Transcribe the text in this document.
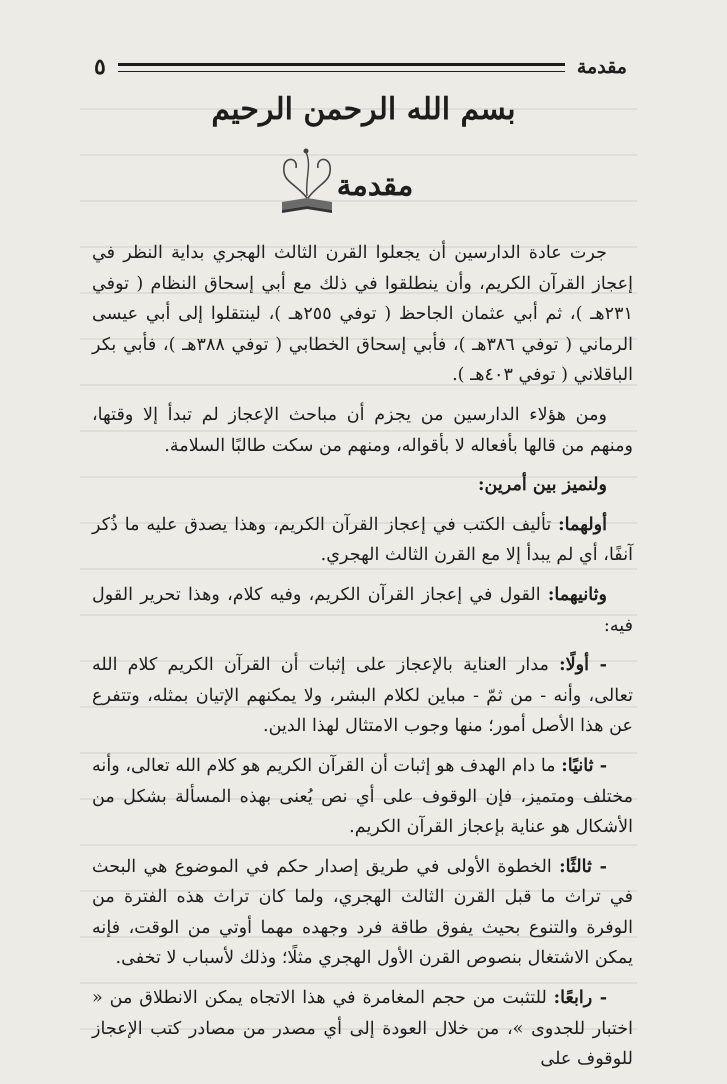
مقدمة
٥
بسم الله الرحمن الرحيم
مقدمة

جرت عادة الدارسين أن يجعلوا القرن الثالث الهجري بداية النظر في إعجاز القرآن الكريم، وأن ينطلقوا في ذلك مع أبي إسحاق النظام ( توفي ٢٣١هـ )، ثم أبي عثمان الجاحظ ( توفي ٢٥٥هـ )، لينتقلوا إلى أبي عيسى الرماني ( توفي ٣٨٦هـ )، فأبي إسحاق الخطابي ( توفي ٣٨٨هـ )، فأبي بكر الباقلاني ( توفي ٤٠٣هـ ).

ومن هؤلاء الدارسين من يجزم أن مباحث الإعجاز لم تبدأ إلا وقتها، ومنهم من قالها بأفعاله لا بأقواله، ومنهم من سكت طالبًا السلامة.

ولنميز بين أمرين:

أولهما: تأليف الكتب في إعجاز القرآن الكريم، وهذا يصدق عليه ما ذُكر آنفًا، أي لم يبدأ إلا مع القرن الثالث الهجري.

وثانيهما: القول في إعجاز القرآن الكريم، وفيه كلام، وهذا تحرير القول فيه:

- أولًا: مدار العناية بالإعجاز على إثبات أن القرآن الكريم كلام الله تعالى، وأنه - من ثمّ - مباين لكلام البشر، ولا يمكنهم الإتيان بمثله، وتتفرع عن هذا الأصل أمور؛ منها وجوب الامتثال لهذا الدين.

- ثانيًا: ما دام الهدف هو إثبات أن القرآن الكريم هو كلام الله تعالى، وأنه مختلف ومتميز، فإن الوقوف على أي نص يُعنى بهذه المسألة بشكل من الأشكال هو عناية بإعجاز القرآن الكريم.

- ثالثًا: الخطوة الأولى في طريق إصدار حكم في الموضوع هي البحث في تراث ما قبل القرن الثالث الهجري، ولما كان تراث هذه الفترة من الوفرة والتنوع بحيث يفوق طاقة فرد وجهده مهما أوتي من الوقت، فإنه يمكن الاشتغال بنصوص القرن الأول الهجري مثلًا؛ وذلك لأسباب لا تخفى.

- رابعًا: للتثبت من حجم المغامرة في هذا الاتجاه يمكن الانطلاق من « اختبار للجدوى »، من خلال العودة إلى أي مصدر من مصادر كتب الإعجاز للوقوف على
